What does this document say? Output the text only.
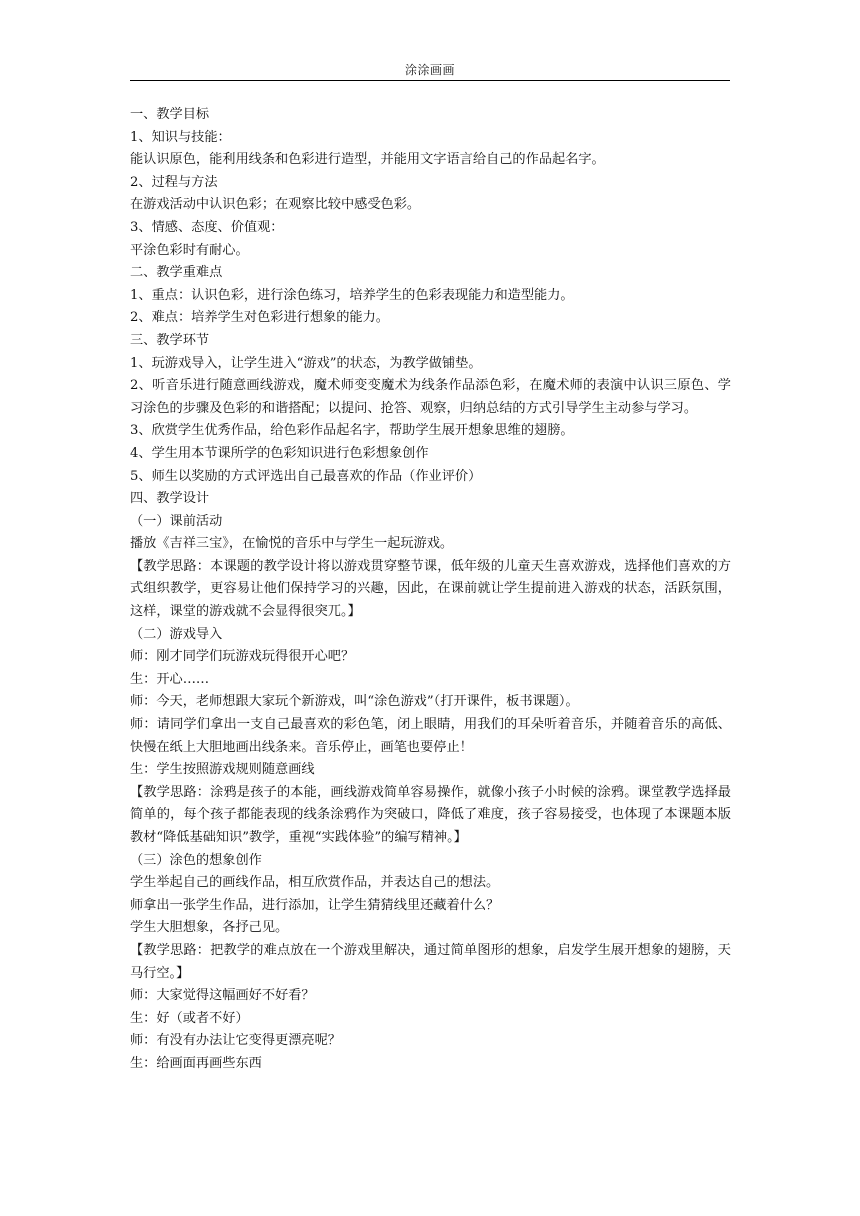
涂涂画画
一、教学目标
1、知识与技能：
能认识原色，能利用线条和色彩进行造型，并能用文字语言给自己的作品起名字。
2、过程与方法
在游戏活动中认识色彩；在观察比较中感受色彩。
3、情感、态度、价值观：
平涂色彩时有耐心。
二、教学重难点
1、重点：认识色彩，进行涂色练习，培养学生的色彩表现能力和造型能力。
2、难点：培养学生对色彩进行想象的能力。
三、教学环节
1、玩游戏导入，让学生进入“游戏”的状态，为教学做铺垫。
2、听音乐进行随意画线游戏，魔术师变变魔术为线条作品添色彩，在魔术师的表演中认识三原色、学习涂色的步骤及色彩的和谐搭配；以提问、抢答、观察，归纳总结的方式引导学生主动参与学习。
3、欣赏学生优秀作品，给色彩作品起名字，帮助学生展开想象思维的翅膀。
4、学生用本节课所学的色彩知识进行色彩想象创作
5、师生以奖励的方式评选出自己最喜欢的作品（作业评价）
四、教学设计
（一）课前活动
播放《吉祥三宝》，在愉悦的音乐中与学生一起玩游戏。
【教学思路：本课题的教学设计将以游戏贯穿整节课，低年级的儿童天生喜欢游戏，选择他们喜欢的方式组织教学，更容易让他们保持学习的兴趣，因此，在课前就让学生提前进入游戏的状态，活跃氛围，这样，课堂的游戏就不会显得很突兀。】
（二）游戏导入
师：刚才同学们玩游戏玩得很开心吧？
生：开心……
师：今天，老师想跟大家玩个新游戏，叫“涂色游戏”（打开课件，板书课题）。
师：请同学们拿出一支自己最喜欢的彩色笔，闭上眼睛，用我们的耳朵听着音乐，并随着音乐的高低、快慢在纸上大胆地画出线条来。音乐停止，画笔也要停止！
生：学生按照游戏规则随意画线
【教学思路：涂鸦是孩子的本能，画线游戏简单容易操作，就像小孩子小时候的涂鸦。课堂教学选择最简单的，每个孩子都能表现的线条涂鸦作为突破口，降低了难度，孩子容易接受，也体现了本课题本版教材“降低基础知识”教学，重视“实践体验”的编写精神。】
（三）涂色的想象创作
学生举起自己的画线作品，相互欣赏作品，并表达自己的想法。
师拿出一张学生作品，进行添加，让学生猜猜线里还藏着什么？
学生大胆想象，各抒己见。
【教学思路：把教学的难点放在一个游戏里解决，通过简单图形的想象，启发学生展开想象的翅膀，天马行空。】
师：大家觉得这幅画好不好看？
生：好（或者不好）
师：有没有办法让它变得更漂亮呢？
生：给画面再画些东西
